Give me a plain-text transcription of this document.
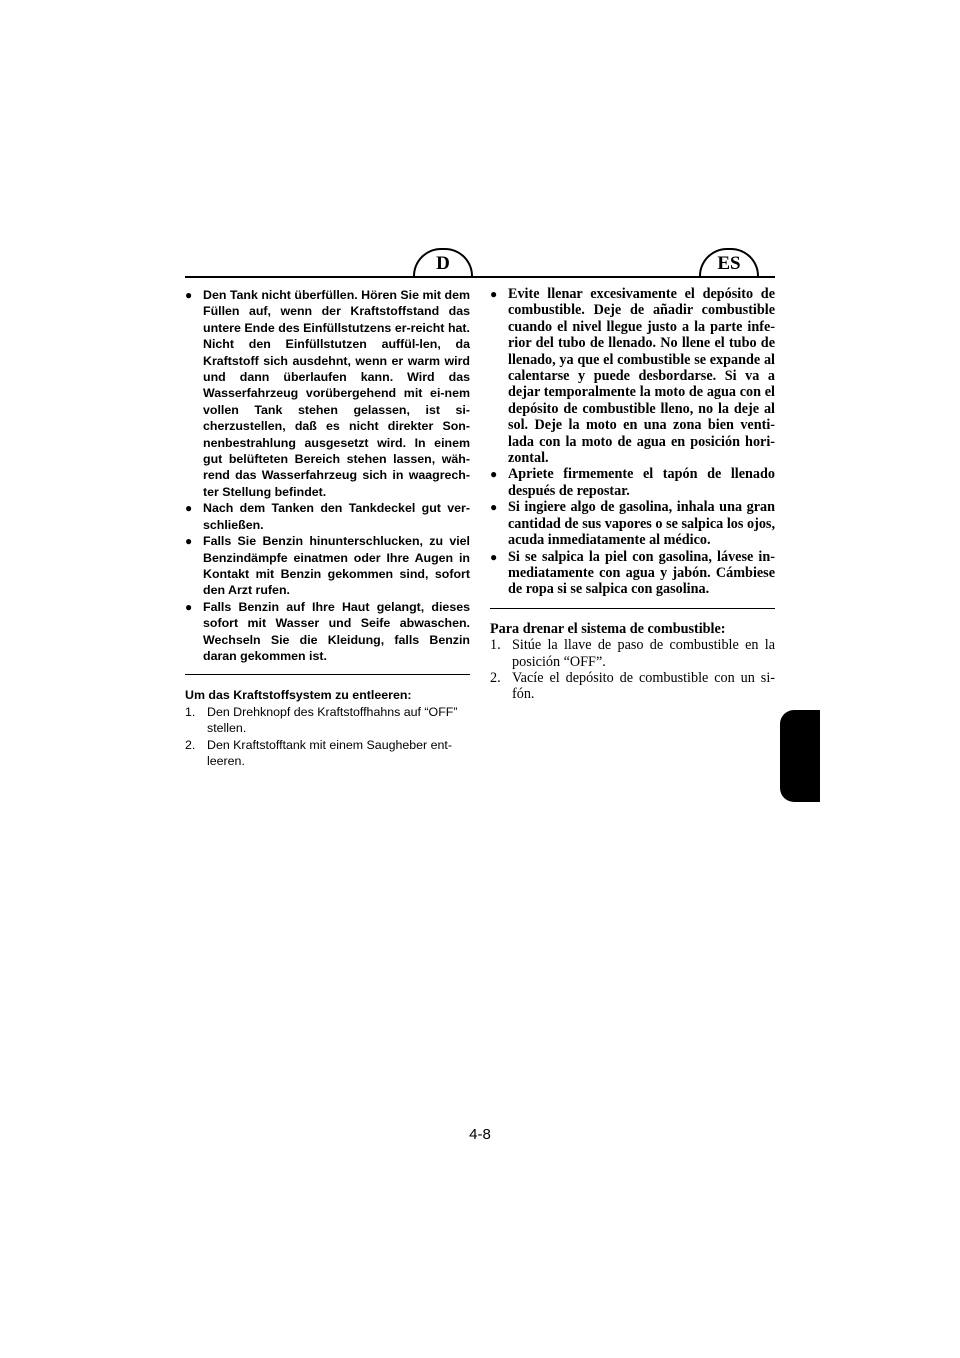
D	ES
● Den Tank nicht überfüllen. Hören Sie mit dem Füllen auf, wenn der Kraftstoffstand das untere Ende des Einfüllstutzens er-reicht hat. Nicht den Einfüllstutzen auffül-len, da Kraftstoff sich ausdehnt, wenn er warm wird und dann überlaufen kann. Wird das Wasserfahrzeug vorübergehend mit ei-nem vollen Tank stehen gelassen, ist si-cherzustellen, daß es nicht direkter Son-nenbestrahlung ausgesetzt wird. In einem gut belüfteten Bereich stehen lassen, wäh-rend das Wasserfahrzeug sich in waagrech-ter Stellung befindet.
● Nach dem Tanken den Tankdeckel gut ver-schließen.
● Falls Sie Benzin hinunterschlucken, zu viel Benzindämpfe einatmen oder Ihre Augen in Kontakt mit Benzin gekommen sind, sofort den Arzt rufen.
● Falls Benzin auf Ihre Haut gelangt, dieses sofort mit Wasser und Seife abwaschen. Wechseln Sie die Kleidung, falls Benzin daran gekommen ist.

Um das Kraftstoffsystem zu entleeren:

1. Den Drehknopf des Kraftstoffhahns auf “OFF” stellen.
2. Den Kraftstofftank mit einem Saugheber ent-leeren.
● Evite llenar excesivamente el depósito de combustible. Deje de añadir combustible cuando el nivel llegue justo a la parte infe-rior del tubo de llenado. No llene el tubo de llenado, ya que el combustible se expande al calentarse y puede desbordarse. Si va a dejar temporalmente la moto de agua con el depósito de combustible lleno, no la deje al sol. Deje la moto en una zona bien venti-lada con la moto de agua en posición hori-zontal.
● Apriete firmemente el tapón de llenado después de repostar.
● Si ingiere algo de gasolina, inhala una gran cantidad de sus vapores o se salpica los ojos, acuda inmediatamente al médico.
● Si se salpica la piel con gasolina, lávese in-mediatamente con agua y jabón. Cámbiese de ropa si se salpica con gasolina.

Para drenar el sistema de combustible:

1. Sitúe la llave de paso de combustible en la posición “OFF”.
2. Vacíe el depósito de combustible con un si-fón.
4-8
